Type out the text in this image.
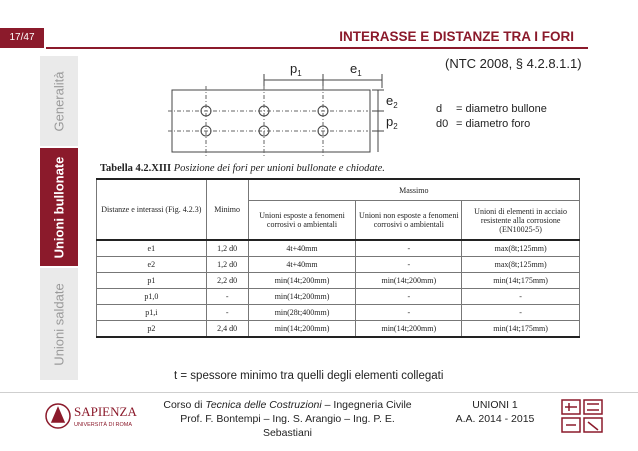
17/47
Generalità
Unioni bullonate
Unioni saldate
INTERASSE E DISTANZE TRA I FORI
(NTC 2008, § 4.2.8.1.1)
$p_1$	$e_1$
$e_2$
$p_2$
d = diametro bullone
d0 = diametro foro
Tabella 4.2.XIII Posizione dei fori per unioni bullonate e chiodate.
Distanze e interassi (Fig. 4.2.3)	Minimo	Massimo		
		Unioni esposte a fenomeni corrosivi o ambientali	Unioni non esposte a fenomeni corrosivi o ambientali	Unioni di elementi in acciaio resistente alla corrosione (EN10025-5)
e1	1,2 d0	4t+40mm	-	max(8t;125mm)
e2	1,2 d0	4t+40mm	-	max(8t;125mm)
p1	2,2 d0	min(14t;200mm)	min(14t;200mm)	min(14t;175mm)
p1,0	-	min(14t;200mm)	-	-
p1,i	-	min(28t;400mm)	-	-
p2	2,4 d0	min(14t;200mm)	min(14t;200mm)	min(14t;175mm)
t = spessore minimo tra quelli degli elementi collegati
SAPIENZA
UNIVERSITÀ DI ROMA
Corso di Tecnica delle Costruzioni – Ingegneria Civile
Prof. F. Bontempi – Ing. S. Arangio – Ing. P. E. Sebastiani
UNIONI 1
A.A. 2014 - 2015
